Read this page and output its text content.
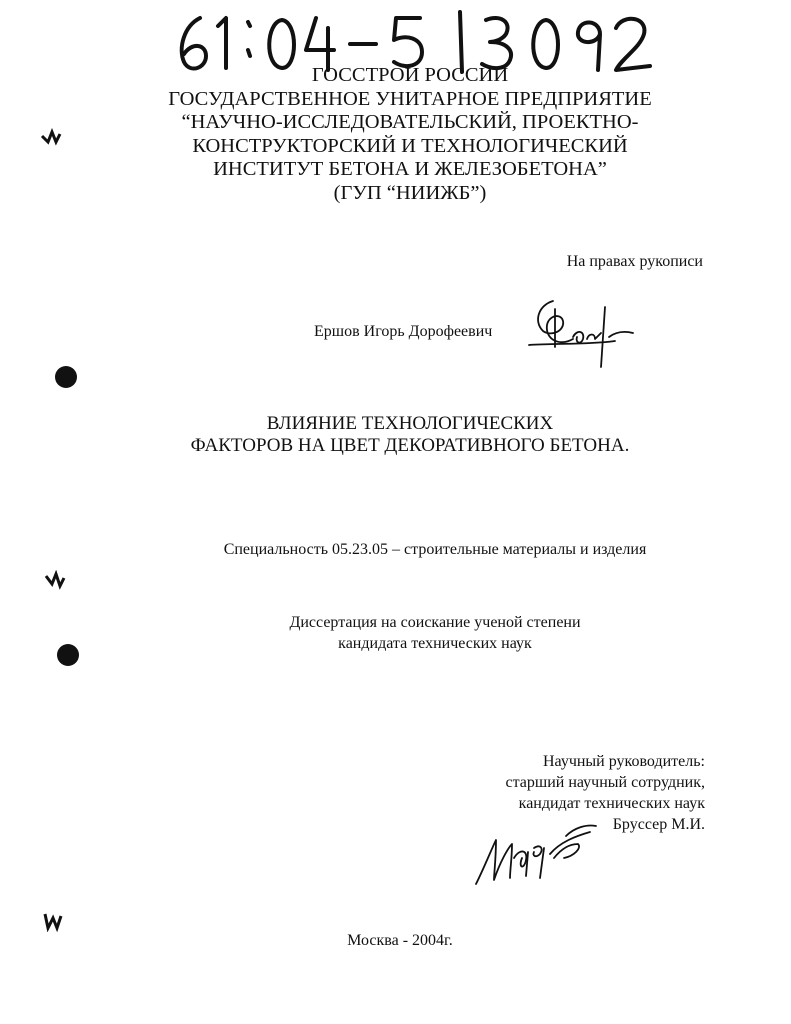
ГОССТРОЙ РОССИИ
ГОСУДАРСТВЕННОЕ УНИТАРНОЕ ПРЕДПРИЯТИЕ
“НАУЧНО-ИССЛЕДОВАТЕЛЬСКИЙ, ПРОЕКТНО-
КОНСТРУКТОРСКИЙ И ТЕХНОЛОГИЧЕСКИЙ
ИНСТИТУТ БЕТОНА И ЖЕЛЕЗОБЕТОНА”
(ГУП “НИИЖБ”)
На правах рукописи
Ершов Игорь Дорофеевич
ВЛИЯНИЕ ТЕХНОЛОГИЧЕСКИХ
ФАКТОРОВ НА ЦВЕТ ДЕКОРАТИВНОГО БЕТОНА.
Специальность 05.23.05 – строительные материалы и изделия
Диссертация на соискание ученой степени
кандидата технических наук
Научный руководитель:
старший научный сотрудник,
кандидат технических наук
Бруссер М.И.
Москва - 2004г.
